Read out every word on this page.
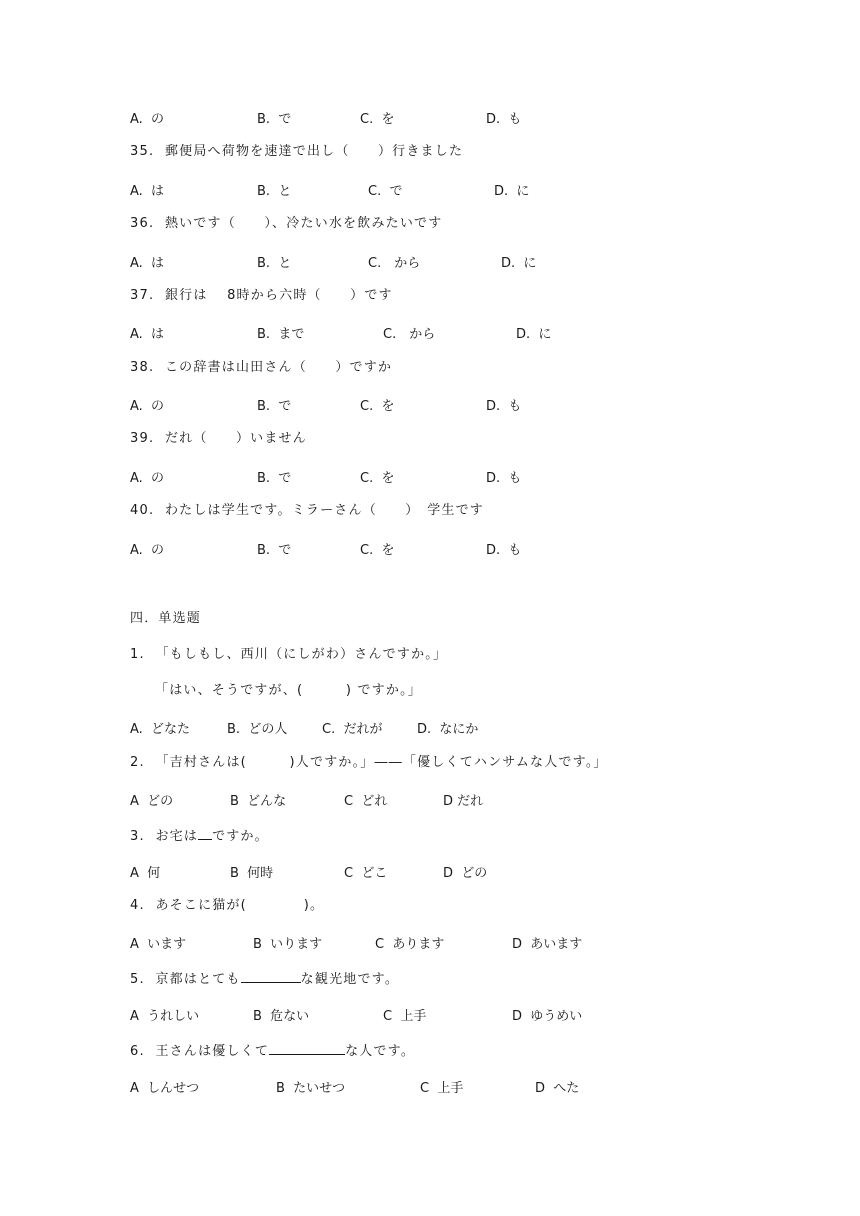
A.  の	B.  で	C.  を	D.  も
35.  郵便局へ荷物を速達で出し（　　）行きました
A.  は	B.  と	C.  で	D.  に
36.  熱いです（　　）、冷たい水を飲みたいです
A.  は	B.  と	C.　から	D.  に
37.  銀行は　 8時から六時（　　）です
A.  は	B.  まで	C.　から	D.  に
38.  この辞書は山田さん（　　）ですか
A.  の	B.  で	C.  を	D.  も
39.  だれ（　　）いません
A.  の	B.  で	C.  を	D.  も
40.  わたしは学生です。ミラーさん（　　）　学生です
A.  の	B.  で	C.  を	D.  も
四．单选题
1.  「もしもし、西川（にしがわ）さんですか。」
「はい、そうですが、(　　　) ですか。」
A.  どなた	B.  どの人	C.  だれが	D.  なにか
2.  「吉村さんは(　　　)人ですか。」――「優しくてハンサムな人です。」
A  どの	B  どんな	C  どれ	D だれ
3.  お宅は ですか。
A  何	B  何時	C  どこ	D  どの
4.  あそこに猫が(　　　　)。
A  います	B  いります	C  あります	D  あいます
5.  京都はとても	な観光地です。
A  うれしい	B  危ない	C  上手	D  ゆうめい
6.  王さんは優しくて	な人です。
A  しんせつ	B  たいせつ	C  上手	D  へた
